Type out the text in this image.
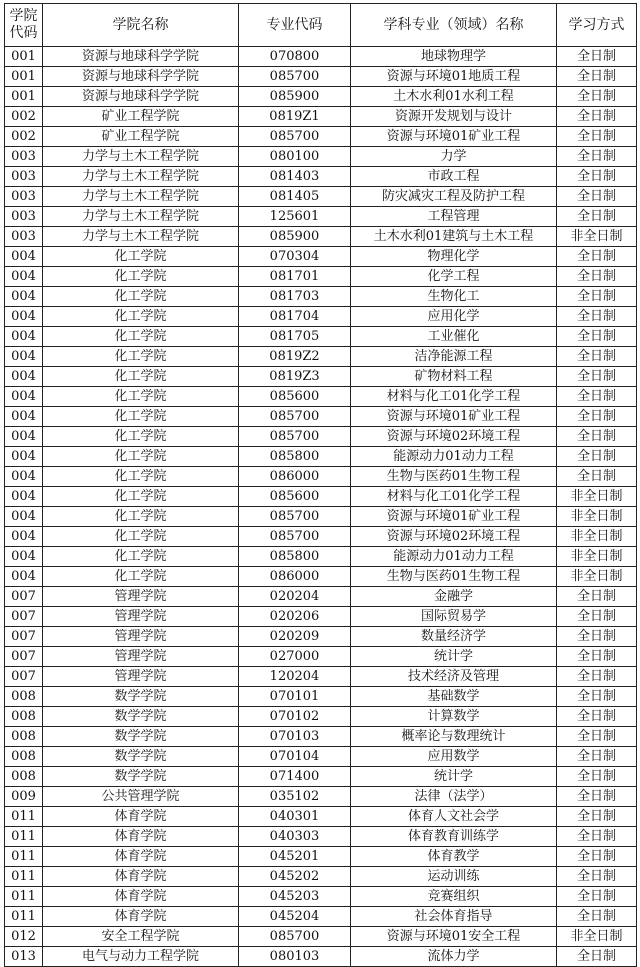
学院
代码	学院名称	专业代码	学科专业（领域）名称	学习方式
001	资源与地球科学学院	070800	地球物理学	全日制
001	资源与地球科学学院	085700	资源与环境01地质工程	全日制
001	资源与地球科学学院	085900	土木水利01水利工程	全日制
002	矿业工程学院	0819Z1	资源开发规划与设计	全日制
002	矿业工程学院	085700	资源与环境01矿业工程	全日制
003	力学与土木工程学院	080100	力学	全日制
003	力学与土木工程学院	081403	市政工程	全日制
003	力学与土木工程学院	081405	防灾减灾工程及防护工程	全日制
003	力学与土木工程学院	125601	工程管理	全日制
003	力学与土木工程学院	085900	土木水利01建筑与土木工程	非全日制
004	化工学院	070304	物理化学	全日制
004	化工学院	081701	化学工程	全日制
004	化工学院	081703	生物化工	全日制
004	化工学院	081704	应用化学	全日制
004	化工学院	081705	工业催化	全日制
004	化工学院	0819Z2	洁净能源工程	全日制
004	化工学院	0819Z3	矿物材料工程	全日制
004	化工学院	085600	材料与化工01化学工程	全日制
004	化工学院	085700	资源与环境01矿业工程	全日制
004	化工学院	085700	资源与环境02环境工程	全日制
004	化工学院	085800	能源动力01动力工程	全日制
004	化工学院	086000	生物与医药01生物工程	全日制
004	化工学院	085600	材料与化工01化学工程	非全日制
004	化工学院	085700	资源与环境01矿业工程	非全日制
004	化工学院	085700	资源与环境02环境工程	非全日制
004	化工学院	085800	能源动力01动力工程	非全日制
004	化工学院	086000	生物与医药01生物工程	非全日制
007	管理学院	020204	金融学	全日制
007	管理学院	020206	国际贸易学	全日制
007	管理学院	020209	数量经济学	全日制
007	管理学院	027000	统计学	全日制
007	管理学院	120204	技术经济及管理	全日制
008	数学学院	070101	基础数学	全日制
008	数学学院	070102	计算数学	全日制
008	数学学院	070103	概率论与数理统计	全日制
008	数学学院	070104	应用数学	全日制
008	数学学院	071400	统计学	全日制
009	公共管理学院	035102	法律（法学）	全日制
011	体育学院	040301	体育人文社会学	全日制
011	体育学院	040303	体育教育训练学	全日制
011	体育学院	045201	体育教学	全日制
011	体育学院	045202	运动训练	全日制
011	体育学院	045203	竞赛组织	全日制
011	体育学院	045204	社会体育指导	全日制
012	安全工程学院	085700	资源与环境01安全工程	非全日制
013	电气与动力工程学院	080103	流体力学	全日制
